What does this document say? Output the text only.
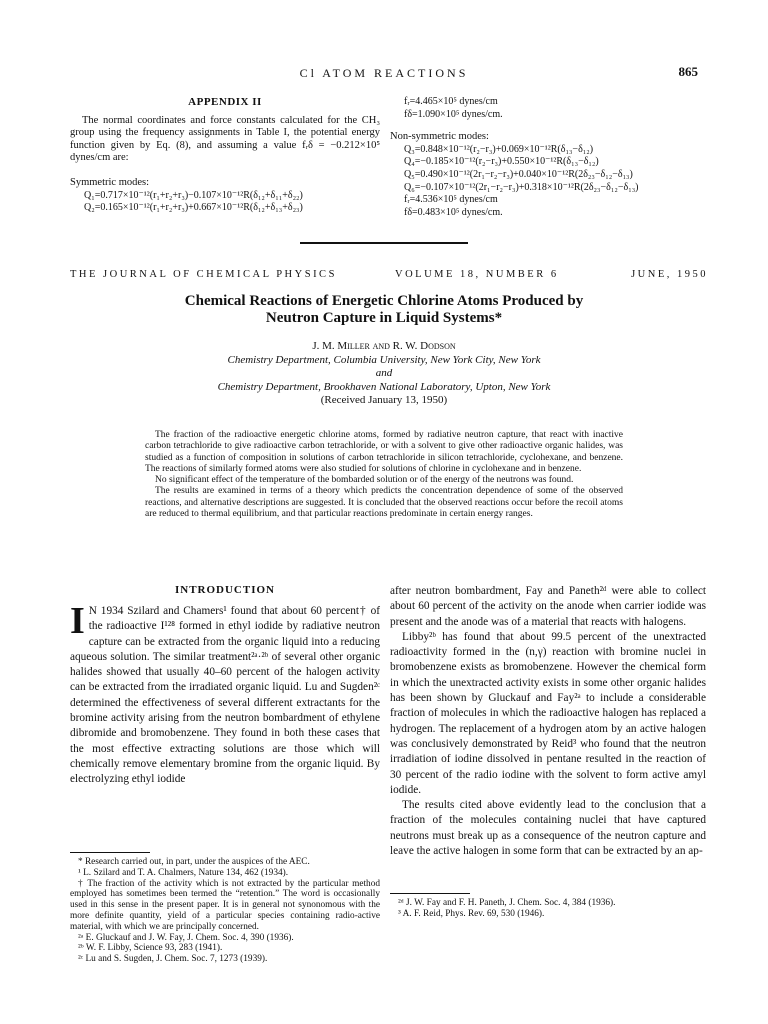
Cl ATOM REACTIONS	865
APPENDIX II

The normal coordinates and force constants calculated for the CH₃ group using the frequency assignments in Table I, the potential energy function given by Eq. (8), and assuming a value fᵣδ = −0.212×10⁵ dynes/cm are:

Symmetric modes:
Q₁=0.717×10⁻¹²(r₁+r₂+r₃)−0.107×10⁻¹²R(δ₁₂+δ₁₁+δ₂₂)
Q₂=0.165×10⁻¹²(r₁+r₂+r₃)+0.667×10⁻¹²R(δ₁₂+δ₁₃+δ₂₃)
fᵣ=4.465×10⁵ dynes/cm
fδ=1.090×10⁵ dynes/cm.
Non-symmetric modes:
Q₃=0.848×10⁻¹²(r₂−r₃)+0.069×10⁻¹²R(δ₁₃−δ₁₂)
Q₄=−0.185×10⁻¹²(r₂−r₃)+0.550×10⁻¹²R(δ₁₃−δ₁₂)
Q₅=0.490×10⁻¹²(2r₁−r₂−r₃)+0.040×10⁻¹²R(2δ₂₃−δ₁₂−δ₁₃)
Q₆=−0.107×10⁻¹²(2r₁−r₂−r₃)+0.318×10⁻¹²R(2δ₂₃−δ₁₂−δ₁₃)
fᵣ=4.536×10⁵ dynes/cm
fδ=0.483×10⁵ dynes/cm.
THE JOURNAL OF CHEMICAL PHYSICS	VOLUME 18, NUMBER 6	JUNE, 1950
Chemical Reactions of Energetic Chlorine Atoms Produced by
Neutron Capture in Liquid Systems*
J. M. Miller and R. W. Dodson
Chemistry Department, Columbia University, New York City, New York
and
Chemistry Department, Brookhaven National Laboratory, Upton, New York
(Received January 13, 1950)

The fraction of the radioactive energetic chlorine atoms, formed by radiative neutron capture, that react with inactive carbon tetrachloride to give radioactive carbon tetrachloride, or with a solvent to give other radioactive organic halides, was studied as a function of composition in solutions of carbon tetrachloride in silicon tetrachloride, cyclohexane, and benzene. The reactions of similarly formed atoms were also studied for solutions of chlorine in cyclohexane and in benzene.

No significant effect of the temperature of the bombarded solution or of the energy of the neutrons was found.

The results are examined in terms of a theory which predicts the concentration dependence of some of the observed reactions, and alternative descriptions are suggested. It is concluded that the observed reactions occur before the recoil atoms are reduced to thermal equilibrium, and that particular reactions predominate in certain energy ranges.

INTRODUCTION
I N 1934 Szilard and Chamers¹ found that about 60 percent† of the radioactive I¹²⁸ formed in ethyl iodide by radiative neutron capture can be extracted from the organic liquid into a reducing aqueous solution. The similar treatment²ᵃ·²ᵇ of several other organic halides showed that usually 40–60 percent of the halogen activity can be extracted from the irradiated organic liquid. Lu and Sugden²ᶜ determined the effectiveness of several different extractants for the bromine activity arising from the neutron bombardment of ethylene dibromide and bromobenzene. They found in both these cases that the most effective extracting solutions are those which will chemically remove elementary bromine from the organic liquid. By electrolyzing ethyl iodide

after neutron bombardment, Fay and Paneth²ᵈ were able to collect about 60 percent of the activity on the anode when carrier iodide was present and the anode was of a material that reacts with halogens.

Libby²ᵇ has found that about 99.5 percent of the unextracted radioactivity formed in the (n,γ) reaction with bromine nuclei in bromobenzene exists as bromobenzene. However the chemical form in which the unextracted activity exists in some other organic halides has been shown by Gluckauf and Fay²ᵃ to include a considerable fraction of molecules in which the radioactive halogen has replaced a hydrogen. The replacement of a hydrogen atom by an active halogen was conclusively demonstrated by Reid³ who found that the neutron irradiation of iodine dissolved in pentane resulted in the reaction of 30 percent of the radio iodine with the solvent to form active amyl iodide.

The results cited above evidently lead to the conclusion that a fraction of the molecules containing nuclei that have captured neutrons must break up as a consequence of the neutron capture and leave the active halogen in some form that can be extracted by an ap-

* Research carried out, in part, under the auspices of the AEC.

¹ L. Szilard and T. A. Chalmers, Nature 134, 462 (1934).

† The fraction of the activity which is not extracted by the particular method employed has sometimes been termed the “retention.” The word is occasionally used in this sense in the present paper. It is in general not synonomous with the more definite quantity, yield of a particular species containing radio-active material, with which we are principally concerned.

²ᵃ E. Gluckauf and J. W. Fay, J. Chem. Soc. 4, 390 (1936).

²ᵇ W. F. Libby, Science 93, 283 (1941).

²ᶜ Lu and S. Sugden, J. Chem. Soc. 7, 1273 (1939).

²ᵈ J. W. Fay and F. H. Paneth, J. Chem. Soc. 4, 384 (1936).

³ A. F. Reid, Phys. Rev. 69, 530 (1946).
